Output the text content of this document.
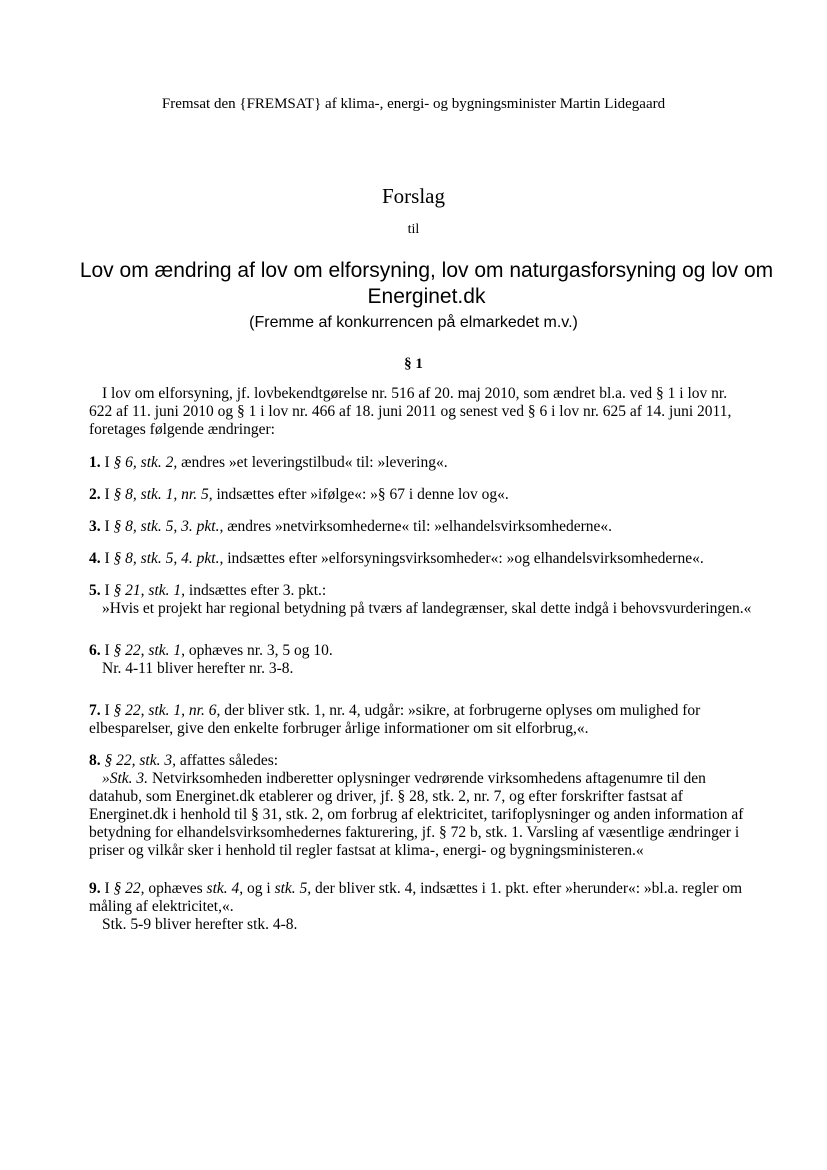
Fremsat den {FREMSAT} af klima-, energi- og bygningsminister Martin Lidegaard
Forslag
til
Lov om ændring af lov om elforsyning, lov om naturgasforsyning og lov om Energinet.dk
(Fremme af konkurrencen på elmarkedet m.v.)
§ 1

I lov om elforsyning, jf. lovbekendtgørelse nr. 516 af 20. maj 2010, som ændret bl.a. ved § 1 i lov nr. 622 af 11. juni 2010 og § 1 i lov nr. 466 af 18. juni 2011 og senest ved § 6 i lov nr. 625 af 14. juni 2011, foretages følgende ændringer:

1. I § 6, stk. 2, ændres »et leveringstilbud« til: »levering«.

2. I § 8, stk. 1, nr. 5, indsættes efter »ifølge«: »§ 67 i denne lov og«.

3. I § 8, stk. 5, 3. pkt., ændres »netvirksomhederne« til: »elhandelsvirksomhederne«.

4. I § 8, stk. 5, 4. pkt., indsættes efter »elforsyningsvirksomheder«: »og elhandelsvirksomhederne«.

5. I § 21, stk. 1, indsættes efter 3. pkt.:

»Hvis et projekt har regional betydning på tværs af landegrænser, skal dette indgå i behovsvurderingen.«

6. I § 22, stk. 1, ophæves nr. 3, 5 og 10.

Nr. 4-11 bliver herefter nr. 3-8.

7. I § 22, stk. 1, nr. 6, der bliver stk. 1, nr. 4, udgår: »sikre, at forbrugerne oplyses om mulighed for elbesparelser, give den enkelte forbruger årlige informationer om sit elforbrug,«.

8. § 22, stk. 3, affattes således:

»Stk. 3. Netvirksomheden indberetter oplysninger vedrørende virksomhedens aftagenumre til den datahub, som Energinet.dk etablerer og driver, jf. § 28, stk. 2, nr. 7, og efter forskrifter fastsat af Energinet.dk i henhold til § 31, stk. 2, om forbrug af elektricitet, tarifoplysninger og anden information af betydning for elhandelsvirksomhedernes fakturering, jf. § 72 b, stk. 1. Varsling af væsentlige ændringer i priser og vilkår sker i henhold til regler fastsat at klima-, energi- og bygningsministeren.«

9. I § 22, ophæves stk. 4, og i stk. 5, der bliver stk. 4, indsættes i 1. pkt. efter »herunder«: »bl.a. regler om måling af elektricitet,«.

Stk. 5-9 bliver herefter stk. 4-8.
